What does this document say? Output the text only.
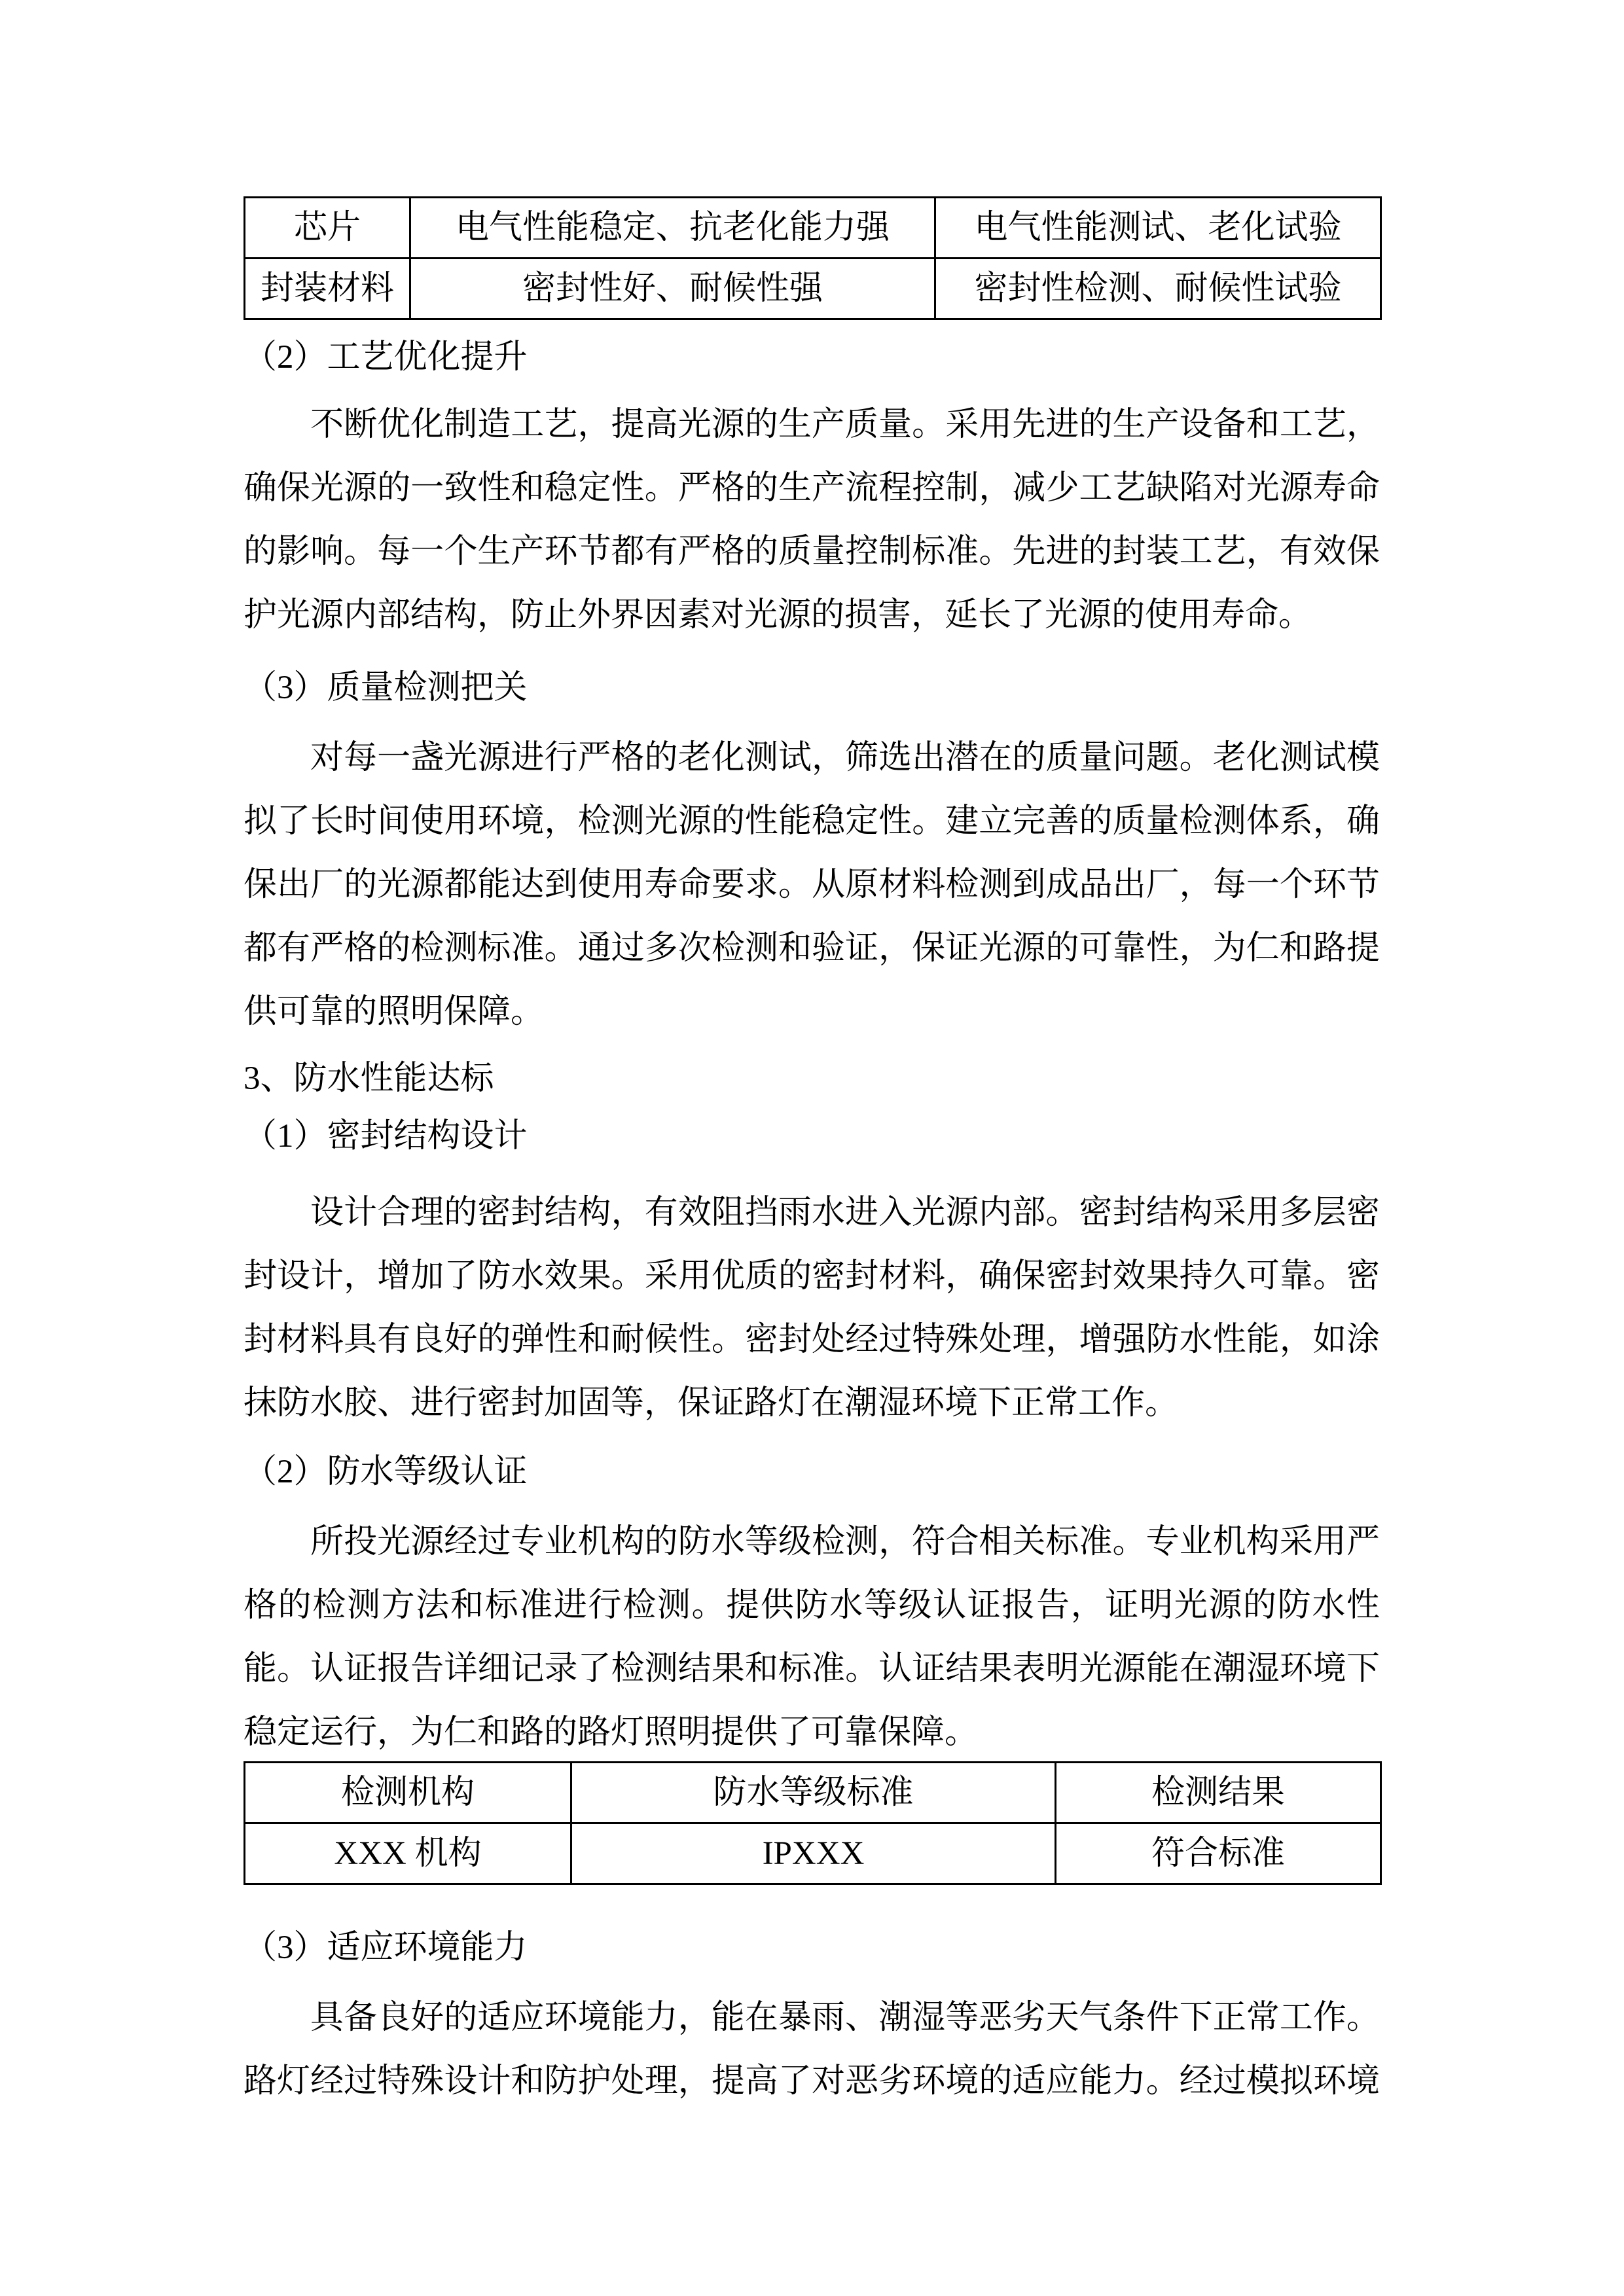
芯片	电气性能稳定、抗老化能力强	电气性能测试、老化试验
封装材料	密封性好、耐候性强	密封性检测、耐候性试验
（2）工艺优化提升
不断优化制造工艺，提高光源的生产质量。采用先进的生产设备和工艺，
确保光源的一致性和稳定性。严格的生产流程控制，减少工艺缺陷对光源寿命
的影响。每一个生产环节都有严格的质量控制标准。先进的封装工艺，有效保
护光源内部结构，防止外界因素对光源的损害，延长了光源的使用寿命。
（3）质量检测把关
对每一盏光源进行严格的老化测试，筛选出潜在的质量问题。老化测试模
拟了长时间使用环境，检测光源的性能稳定性。建立完善的质量检测体系，确
保出厂的光源都能达到使用寿命要求。从原材料检测到成品出厂，每一个环节
都有严格的检测标准。通过多次检测和验证，保证光源的可靠性，为仁和路提
供可靠的照明保障。
3、防水性能达标
（1）密封结构设计
设计合理的密封结构，有效阻挡雨水进入光源内部。密封结构采用多层密
封设计，增加了防水效果。采用优质的密封材料，确保密封效果持久可靠。密
封材料具有良好的弹性和耐候性。密封处经过特殊处理，增强防水性能，如涂
抹防水胶、进行密封加固等，保证路灯在潮湿环境下正常工作。
（2）防水等级认证
所投光源经过专业机构的防水等级检测，符合相关标准。专业机构采用严
格的检测方法和标准进行检测。提供防水等级认证报告，证明光源的防水性
能。认证报告详细记录了检测结果和标准。认证结果表明光源能在潮湿环境下
稳定运行，为仁和路的路灯照明提供了可靠保障。
检测机构	防水等级标准	检测结果
XXX 机构	IPXXX	符合标准
（3）适应环境能力
具备良好的适应环境能力，能在暴雨、潮湿等恶劣天气条件下正常工作。
路灯经过特殊设计和防护处理，提高了对恶劣环境的适应能力。经过模拟环境
